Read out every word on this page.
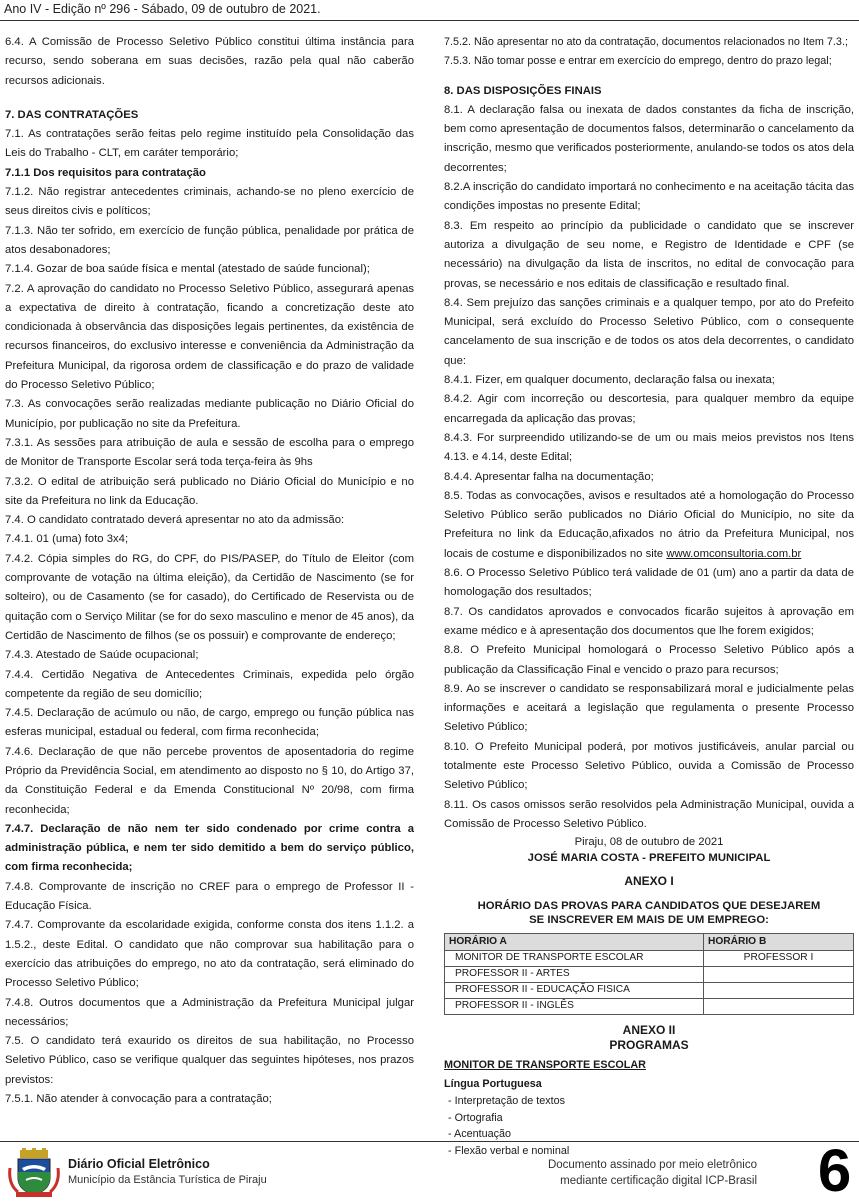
Ano IV - Edição nº 296 - Sábado, 09 de outubro de 2021.

6.4. A Comissão de Processo Seletivo Público constitui última instância para recurso, sendo soberana em suas decisões, razão pela qual não caberão recursos adicionais.

7. DAS CONTRATAÇÕES

7.1. As contratações serão feitas pelo regime instituído pela Consolidação das Leis do Trabalho - CLT, em caráter temporário;

7.1.1 Dos requisitos para contratação

7.1.2. Não registrar antecedentes criminais, achando-se no pleno exercício de seus direitos civis e políticos;

7.1.3. Não ter sofrido, em exercício de função pública, penalidade por prática de atos desabonadores;

7.1.4. Gozar de boa saúde física e mental (atestado de saúde funcional);

7.2. A aprovação do candidato no Processo Seletivo Público, assegurará apenas a expectativa de direito à contratação, ficando a concretização deste ato condicionada à observância das disposições legais pertinentes, da existência de recursos financeiros, do exclusivo interesse e conveniência da Administração da Prefeitura Municipal, da rigorosa ordem de classificação e do prazo de validade do Processo Seletivo Público;

7.3. As convocações serão realizadas mediante publicação no Diário Oficial do Município, por publicação no site da Prefeitura.

7.3.1. As sessões para atribuição de aula e sessão de escolha para o emprego de Monitor de Transporte Escolar será toda terça-feira às 9hs

7.3.2. O edital de atribuição será publicado no Diário Oficial do Município e no site da Prefeitura no link da Educação.

7.4. O candidato contratado deverá apresentar no ato da admissão:

7.4.1. 01 (uma) foto 3x4;

7.4.2. Cópia simples do RG, do CPF, do PIS/PASEP, do Título de Eleitor (com comprovante de votação na última eleição), da Certidão de Nascimento (se for solteiro), ou de Casamento (se for casado), do Certificado de Reservista ou de quitação com o Serviço Militar (se for do sexo masculino e menor de 45 anos), da Certidão de Nascimento de filhos (se os possuir) e comprovante de endereço;

7.4.3. Atestado de Saúde ocupacional;

7.4.4. Certidão Negativa de Antecedentes Criminais, expedida pelo órgão competente da região de seu domicílio;

7.4.5. Declaração de acúmulo ou não, de cargo, emprego ou função pública nas esferas municipal, estadual ou federal, com firma reconhecida;

7.4.6. Declaração de que não percebe proventos de aposentadoria do regime Próprio da Previdência Social, em atendimento ao disposto no § 10, do Artigo 37, da Constituição Federal e da Emenda Constitucional Nº 20/98, com firma reconhecida;

7.4.7. Declaração de não nem ter sido condenado por crime contra a administração pública, e nem ter sido demitido a bem do serviço público, com firma reconhecida;

7.4.8. Comprovante de inscrição no CREF para o emprego de Professor II - Educação Física.

7.4.7. Comprovante da escolaridade exigida, conforme consta dos itens 1.1.2. a 1.5.2., deste Edital. O candidato que não comprovar sua habilitação para o exercício das atribuições do emprego, no ato da contratação, será eliminado do Processo Seletivo Público;

7.4.8. Outros documentos que a Administração da Prefeitura Municipal julgar necessários;

7.5. O candidato terá exaurido os direitos de sua habilitação, no Processo Seletivo Público, caso se verifique qualquer das seguintes hipóteses, nos prazos previstos:

7.5.1. Não atender à convocação para a contratação;

7.5.2. Não apresentar no ato da contratação, documentos relacionados no Item 7.3.;

7.5.3. Não tomar posse e entrar em exercício do emprego, dentro do prazo legal;

8. DAS DISPOSIÇÕES FINAIS

8.1. A declaração falsa ou inexata de dados constantes da ficha de inscrição, bem como apresentação de documentos falsos, determinarão o cancelamento da inscrição, mesmo que verificados posteriormente, anulando-se todos os atos dela decorrentes;

8.2.A inscrição do candidato importará no conhecimento e na aceitação tácita das condições impostas no presente Edital;

8.3. Em respeito ao princípio da publicidade o candidato que se inscrever autoriza a divulgação de seu nome, e Registro de Identidade e CPF (se necessário) na divulgação da lista de inscritos, no edital de convocação para provas, se necessário e nos editais de classificação e resultado final.

8.4. Sem prejuízo das sanções criminais e a qualquer tempo, por ato do Prefeito Municipal, será excluído do Processo Seletivo Público, com o consequente cancelamento de sua inscrição e de todos os atos dela decorrentes, o candidato que:

8.4.1. Fizer, em qualquer documento, declaração falsa ou inexata;

8.4.2. Agir com incorreção ou descortesia, para qualquer membro da equipe encarregada da aplicação das provas;

8.4.3. For surpreendido utilizando-se de um ou mais meios previstos nos Itens 4.13. e 4.14, deste Edital;

8.4.4. Apresentar falha na documentação;

8.5. Todas as convocações, avisos e resultados até a homologação do Processo Seletivo Público serão publicados no Diário Oficial do Município, no site da Prefeitura no link da Educação,afixados no átrio da Prefeitura Municipal, nos locais de costume e disponibilizados no site www.omconsultoria.com.br

8.6. O Processo Seletivo Público terá validade de 01 (um) ano a partir da data de homologação dos resultados;

8.7. Os candidatos aprovados e convocados ficarão sujeitos à aprovação em exame médico e à apresentação dos documentos que lhe forem exigidos;

8.8. O Prefeito Municipal homologará o Processo Seletivo Público após a publicação da Classificação Final e vencido o prazo para recursos;

8.9. Ao se inscrever o candidato se responsabilizará moral e judicialmente pelas informações e aceitará a legislação que regulamenta o presente Processo Seletivo Público;

8.10. O Prefeito Municipal poderá, por motivos justificáveis, anular parcial ou totalmente este Processo Seletivo Público, ouvida a Comissão de Processo Seletivo Público;

8.11. Os casos omissos serão resolvidos pela Administração Municipal, ouvida a Comissão de Processo Seletivo Público.

Piraju, 08 de outubro de 2021

JOSÉ MARIA COSTA - PREFEITO MUNICIPAL

ANEXO I

HORÁRIO DAS PROVAS PARA CANDIDATOS QUE DESEJAREM

SE INSCREVER EM MAIS DE UM EMPREGO:

HORÁRIO A	HORÁRIO B
MONITOR DE TRANSPORTE ESCOLAR	PROFESSOR I
PROFESSOR II - ARTES	
PROFESSOR II - EDUCAÇÃO FISICA	
PROFESSOR II - INGLÊS	

ANEXO II

PROGRAMAS

MONITOR DE TRANSPORTE ESCOLAR

Língua Portuguesa

- Interpretação de textos

- Ortografia

- Acentuação

- Flexão verbal e nominal

Diário Oficial Eletrônico
Município da Estância Turística de Piraju
Documento assinado por meio eletrônico
mediante certificação digital ICP-Brasil 6
